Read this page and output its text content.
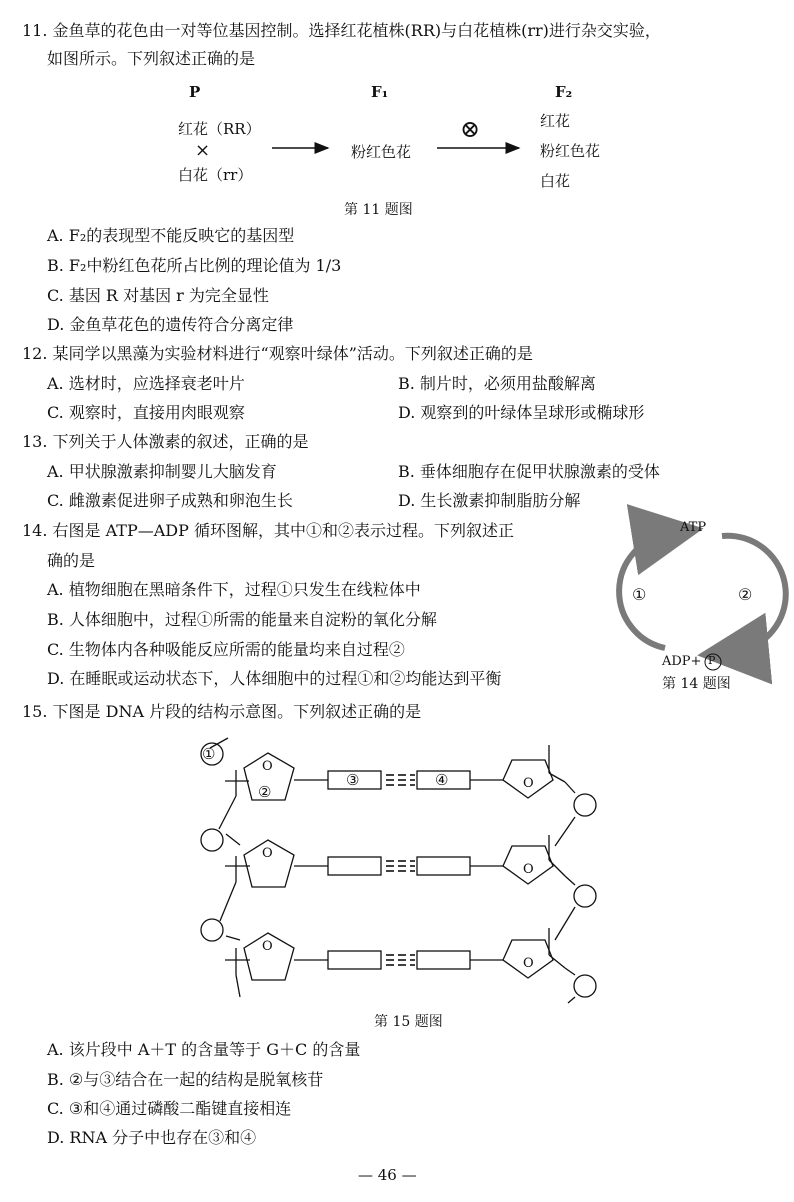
11. 金鱼草的花色由一对等位基因控制。选择红花植株(RR)与白花植株(rr)进行杂交实验，
如图所示。下列叙述正确的是
P	F₁	F₂
红花（RR）
×
白花（rr）
粉红色花
⊗	红花
粉红色花
白花
第 11 题图
A. F₂的表现型不能反映它的基因型
B. F₂中粉红色花所占比例的理论值为 1/3
C. 基因 R 对基因 r 为完全显性
D. 金鱼草花色的遗传符合分离定律
12. 某同学以黑藻为实验材料进行“观察叶绿体”活动。下列叙述正确的是
A. 选材时，应选择衰老叶片	B. 制片时，必须用盐酸解离
C. 观察时，直接用肉眼观察	D. 观察到的叶绿体呈球形或椭球形
13. 下列关于人体激素的叙述，正确的是
A. 甲状腺激素抑制婴儿大脑发育	B. 垂体细胞存在促甲状腺激素的受体
C. 雌激素促进卵子成熟和卵泡生长	D. 生长激素抑制脂肪分解
14. 右图是 ATP—ADP 循环图解，其中①和②表示过程。下列叙述正
确的是
A. 植物细胞在黑暗条件下，过程①只发生在线粒体中
B. 人体细胞中，过程①所需的能量来自淀粉的氧化分解
C. 生物体内各种吸能反应所需的能量均来自过程②
D. 在睡眠或运动状态下，人体细胞中的过程①和②均能达到平衡
ATP
ADP+ P
①	②
第 14 题图
15. 下图是 DNA 片段的结构示意图。下列叙述正确的是
①
②
③	④
O
O
O
O
O
O
第 15 题图
A. 该片段中 A＋T 的含量等于 G＋C 的含量
B. ②与③结合在一起的结构是脱氧核苷
C. ③和④通过磷酸二酯键直接相连
D. RNA 分子中也存在③和④
— 46 —
